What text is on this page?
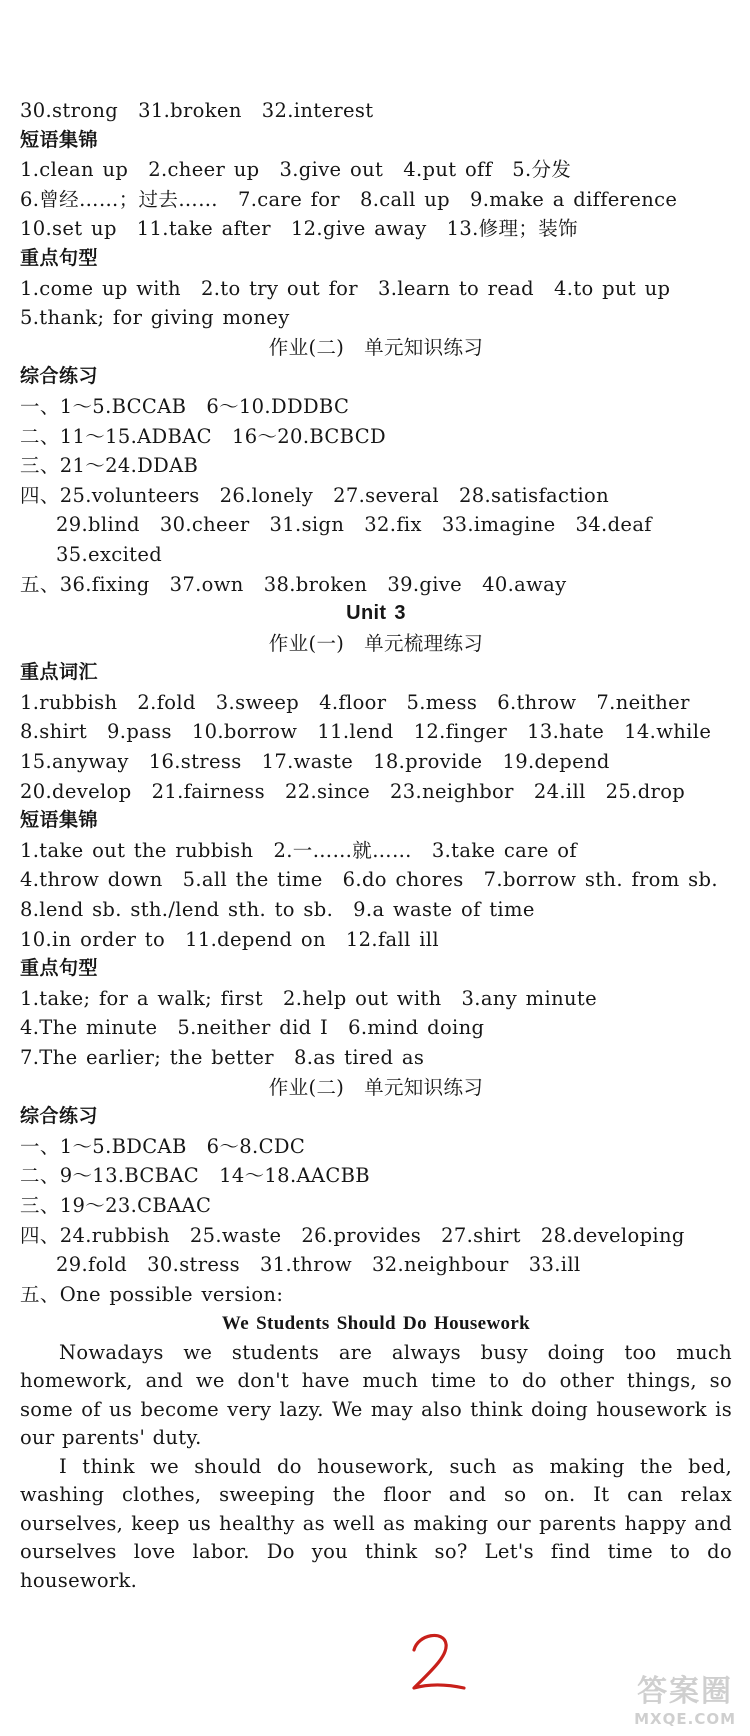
30.strong 31.broken 32.interest
短语集锦
1.clean up 2.cheer up 3.give out 4.put off 5.分发
6.曾经……；过去…… 7.care for 8.call up 9.make a difference
10.set up 11.take after 12.give away 13.修理；装饰
重点句型
1.come up with 2.to try out for 3.learn to read 4.to put up
5.thank; for giving money
作业(二)　单元知识练习
综合练习
一、1～5.BCCAB 6～10.DDDBC
二、11～15.ADBAC 16～20.BCBCD
三、21～24.DDAB
四、25.volunteers 26.lonely 27.several 28.satisfaction
29.blind 30.cheer 31.sign 32.fix 33.imagine 34.deaf
35.excited
五、36.fixing 37.own 38.broken 39.give 40.away
Unit 3
作业(一)　单元梳理练习
重点词汇
1.rubbish 2.fold 3.sweep 4.floor 5.mess 6.throw 7.neither
8.shirt 9.pass 10.borrow 11.lend 12.finger 13.hate 14.while
15.anyway 16.stress 17.waste 18.provide 19.depend
20.develop 21.fairness 22.since 23.neighbor 24.ill 25.drop
短语集锦
1.take out the rubbish 2.一……就…… 3.take care of
4.throw down 5.all the time 6.do chores 7.borrow sth. from sb.
8.lend sb. sth./lend sth. to sb. 9.a waste of time
10.in order to 11.depend on 12.fall ill
重点句型
1.take; for a walk; first 2.help out with 3.any minute
4.The minute 5.neither did I 6.mind doing
7.The earlier; the better 8.as tired as
作业(二)　单元知识练习
综合练习
一、1～5.BDCAB 6～8.CDC
二、9～13.BCBAC 14～18.AACBB
三、19～23.CBAAC
四、24.rubbish 25.waste 26.provides 27.shirt 28.developing
29.fold 30.stress 31.throw 32.neighbour 33.ill
五、One possible version:
We Students Should Do Housework
Nowadays we students are always busy doing too much homework, and we don't have much time to do other things, so some of us become very lazy. We may also think doing housework is our parents' duty.
I think we should do housework, such as making the bed, washing clothes, sweeping the floor and so on. It can relax ourselves, keep us healthy as well as making our parents happy and ourselves love labor. Do you think so? Let's find time to do housework.
答案圈
MXQE.COM
